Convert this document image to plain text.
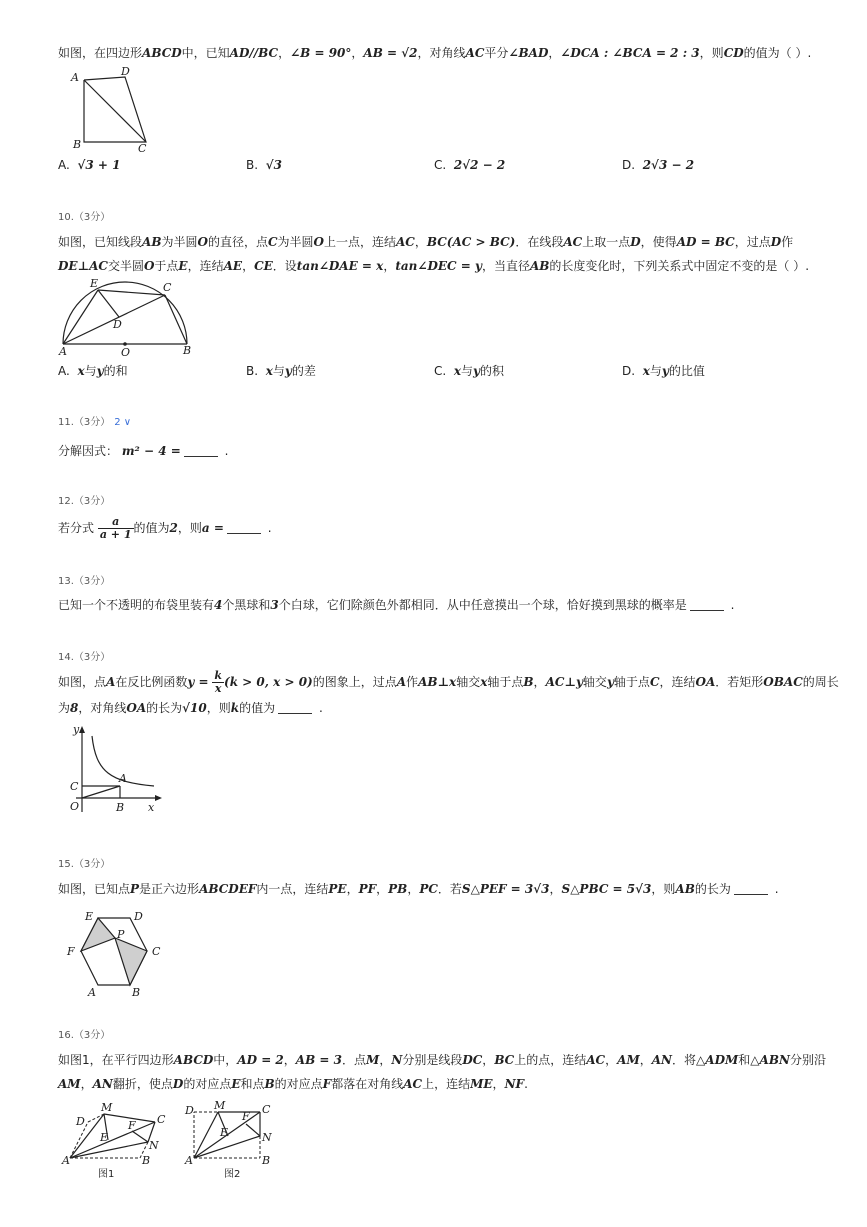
如图，在四边形ABCD中，已知AD//BC，∠B = 90°，AB = √2，对角线AC平分∠BAD，∠DCA : ∠BCA = 2 : 3，则CD的值为（ ）.
A	D
B	C
A. √3 + 1	B. √3	C. 2√2 − 2	D. 2√3 − 2
10.（3分）
如图，已知线段AB为半圆O的直径，点C为半圆O上一点，连结AC，BC(AC > BC)．在线段AC上取一点D，使得AD = BC，过点D作
DE⊥AC交半圆O于点E，连结AE，CE．设tan∠DAE = x，tan∠DEC = y，当直径AB的长度变化时，下列关系式中固定不变的是（ ）.
E	C
D
A	O	B
A. x与y的和	B. x与y的差	C. x与y的积	D. x与y的比值
11.（3分） 2 ∨
分解因式： m² − 4 =	.
12.（3分）
若分式 $\frac{a}{a + 1}$ 的值为2，则a =	.
13.（3分）
已知一个不透明的布袋里装有4个黑球和3个白球，它们除颜色外都相同．从中任意摸出一个球，恰好摸到黑球的概率是	.
14.（3分）
如图，点A在反比例函数$y = \frac{k}{x} (k > 0$, x > 0)的图象上，过点A作AB⊥x轴交x轴于点B，AC⊥y轴交y轴于点C，连结OA．若矩形OBAC的周长
为8，对角线OA的长为√10，则k的值为	.
y
C
A
O	B x
15.（3分）
如图，已知点P是正六边形ABCDEF内一点，连结PE，PF，PB，PC．若S△PEF = 3√3，S△PBC = 5√3，则AB的长为	.
E	D
P
F	C
A	B
16.（3分）
如图1，在平行四边形ABCD中，AD = 2，AB = 3．点M，N分别是线段DC，BC上的点，连结AC，AM，AN．将△ADM和△ABN分别沿
AM，AN翻折，使点D的对应点E和点B的对应点F都落在对角线AC上，连结ME，NF.
D
M
C
E
F
N
A	B
图1
D M	C
F
E	N
A	B
图2
